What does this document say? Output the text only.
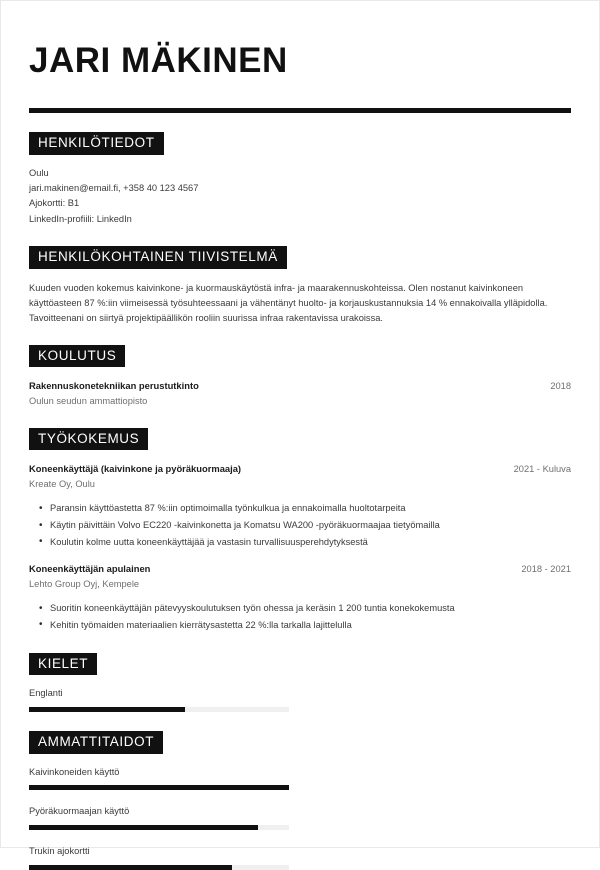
JARI MÄKINEN
HENKILÖTIEDOT
Oulu
jari.makinen@email.fi, +358 40 123 4567
Ajokortti: B1
LinkedIn-profiili: LinkedIn
HENKILÖKOHTAINEN TIIVISTELMÄ
Kuuden vuoden kokemus kaivinkone- ja kuormauskäytöstä infra- ja maarakennuskohteissa. Olen nostanut kaivinkoneen käyttöasteen 87 %:iin viimeisessä työsuhteessaani ja vähentänyt huolto- ja korjauskustannuksia 14 % ennakoivalla ylläpidolla. Tavoitteenani on siirtyä projektipäällikön rooliin suurissa infraa rakentavissa urakoissa.
KOULUTUS
Rakennuskonetekniikan perustutkinto	2018
Oulun seudun ammattiopisto
TYÖKOKEMUS
Koneenkäyttäjä (kaivinkone ja pyöräkuormaaja)	2021 - Kuluva
Kreate Oy, Oulu
• Paransin käyttöastetta 87 %:iin optimoimalla työnkulkua ja ennakoimalla huoltotarpeita
• Käytin päivittäin Volvo EC220 -kaivinkonetta ja Komatsu WA200 -pyöräkuormaajaa tietyömailla
• Koulutin kolme uutta koneenkäyttäjää ja vastasin turvallisuusperehdytyksestä
Koneenkäyttäjän apulainen	2018 - 2021
Lehto Group Oyj, Kempele
• Suoritin koneenkäyttäjän pätevyyskoulutuksen työn ohessa ja keräsin 1 200 tuntia konekokemusta
• Kehitin työmaiden materiaalien kierrätysastetta 22 %:lla tarkalla lajittelulla
KIELET
Englanti
AMMATTITAIDOT
Kaivinkoneiden käyttö
Pyöräkuormaajan käyttö
Trukin ajokortti
